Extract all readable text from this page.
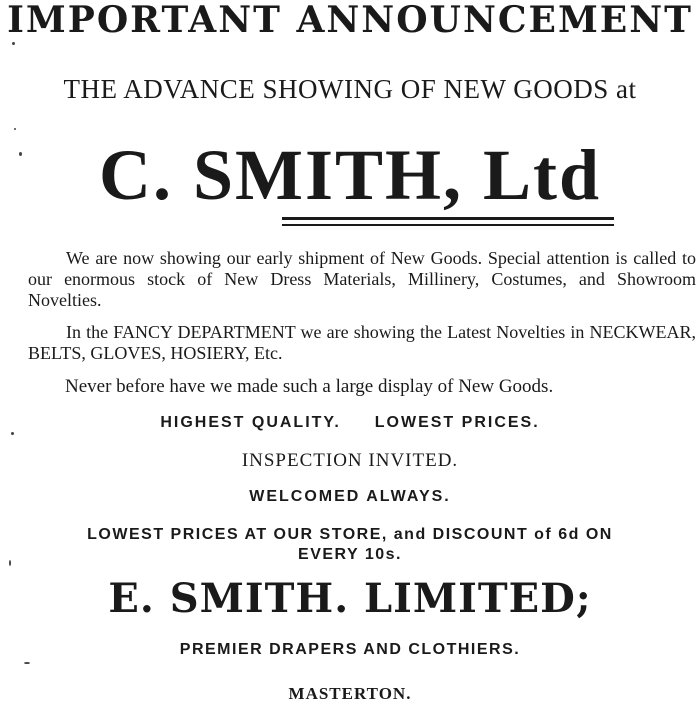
IMPORTANT ANNOUNCEMENT
THE ADVANCE SHOWING OF NEW GOODS at
C. SMITH, Ltd
We are now showing our early shipment of New Goods. Special attention is called to our enormous stock of New Dress Materials, Millinery, Costumes, and Showroom Novelties.
In the FANCY DEPARTMENT we are showing the Latest Novelties in NECKWEAR, BELTS, GLOVES, HOSIERY, Etc.
Never before have we made such a large display of New Goods.
HIGHEST QUALITY. LOWEST PRICES.
INSPECTION INVITED.
WELCOMED ALWAYS.
LOWEST PRICES AT OUR STORE, and DISCOUNT of 6d ON
EVERY 10s.
E. SMITH. LIMITED;
PREMIER DRAPERS AND CLOTHIERS.
MASTERTON.
